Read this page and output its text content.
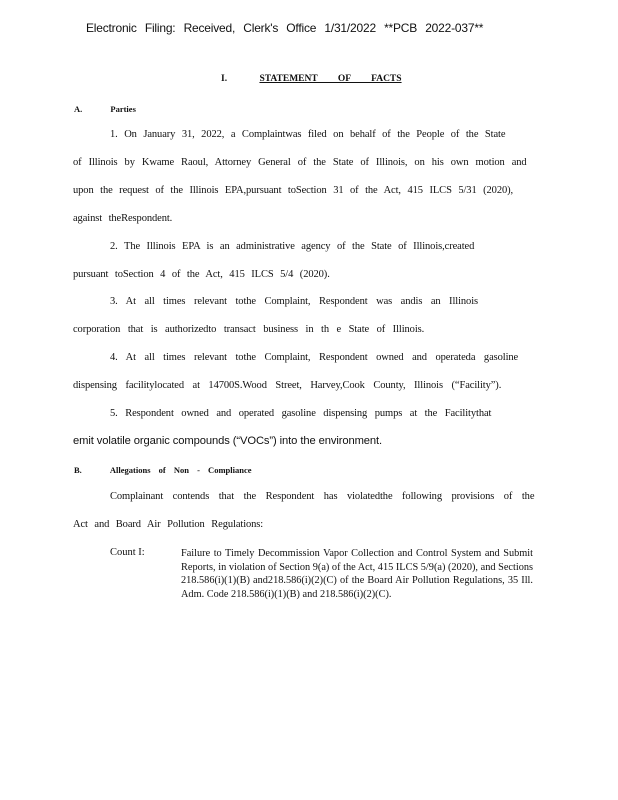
Electronic Filing: Received, Clerk's Office 1/31/2022 **PCB 2022-037**
I.	STATEMENT OF FACTS
A.	Parties
1. On January 31, 2022, a Complaintwas filed on behalf of the People of the State
of Illinois by Kwame Raoul, Attorney General of the State of Illinois, on his own motion and
upon the request of the Illinois EPA,pursuant toSection 31 of the Act, 415 ILCS 5/31 (2020),
against theRespondent.
2. The Illinois EPA is an administrative agency of the State of Illinois,created
pursuant toSection 4 of the Act, 415 ILCS 5/4 (2020).
3. At all times relevant tothe Complaint, Respondent was andis an Illinois
corporation that is authorizedto transact business in th e State of Illinois.
4. At all times relevant tothe Complaint, Respondent owned and operateda gasoline
dispensing facilitylocated at 14700S.Wood Street, Harvey,Cook County, Illinois (“Facility”).
5. Respondent owned and operated gasoline dispensing pumps at the Facilitythat
emit volatile organic compounds (“VOCs”) into the environment.
B.	Allegations of Non - Compliance
Complainant contends that the Respondent has violatedthe following provisions of the
Act and Board Air Pollution Regulations:
Count I:	Failure to Timely Decommission Vapor Collection and Control System and Submit Reports, in violation of Section 9(a) of the Act, 415 ILCS 5/9(a) (2020), and Sections 218.586(i)(1)(B) and218.586(i)(2)(C) of the Board Air Pollution Regulations, 35 Ill. Adm. Code 218.586(i)(1)(B) and 218.586(i)(2)(C).
